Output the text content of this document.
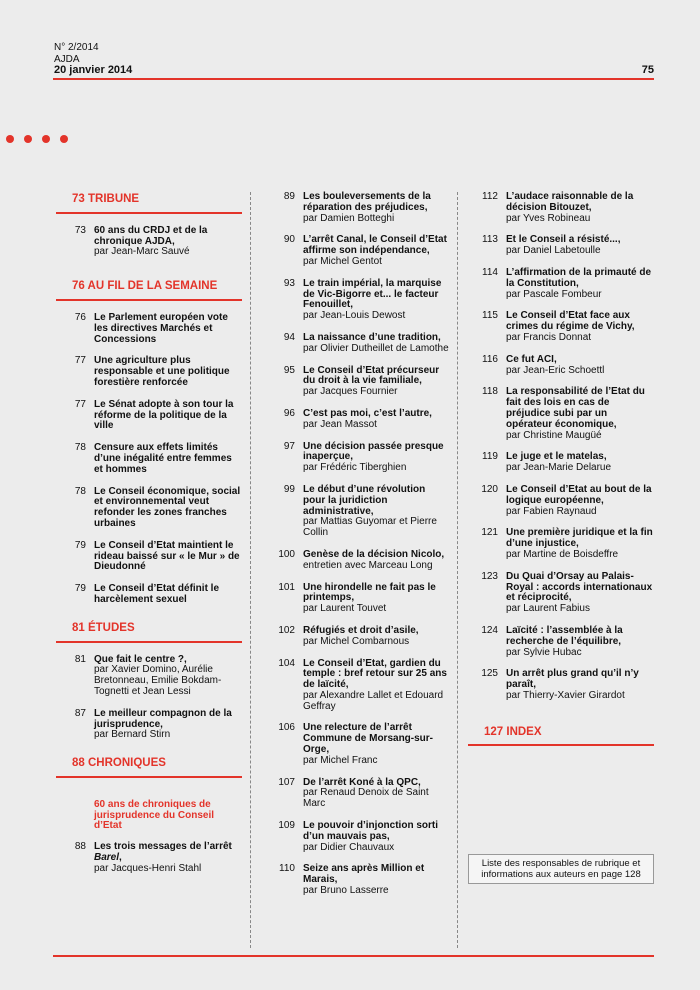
N° 2/2014
AJDA
20 janvier 2014	75
73 TRIBUNE
73 60 ans du CRDJ et de la chronique AJDA,
par Jean-Marc Sauvé
76 AU FIL DE LA SEMAINE
76 Le Parlement européen vote les directives Marchés et Concessions
77 Une agriculture plus responsable et une politique forestière renforcée
77 Le Sénat adopte à son tour la réforme de la politique de la ville
78 Censure aux effets limités d’une inégalité entre femmes et hommes
78 Le Conseil économique, social et environnemental veut refonder les zones franches urbaines
79 Le Conseil d’Etat maintient le rideau baissé sur « le Mur » de Dieudonné
79 Le Conseil d’Etat définit le harcèlement sexuel
81 ÉTUDES
81 Que fait le centre ?,
par Xavier Domino, Aurélie Bretonneau, Emilie Bokdam-Tognetti et Jean Lessi
87 Le meilleur compagnon de la jurisprudence,
par Bernard Stirn
88 CHRONIQUES
60 ans de chroniques de jurisprudence du Conseil d’Etat
88 Les trois messages de l’arrêt Barel,
par Jacques-Henri Stahl
89 Les bouleversements de la réparation des préjudices,
par Damien Botteghi
90 L’arrêt Canal, le Conseil d’Etat affirme son indépendance,
par Michel Gentot
93 Le train impérial, la marquise de Vic-Bigorre et... le facteur Fenouillet,
par Jean-Louis Dewost
94 La naissance d’une tradition,
par Olivier Dutheillet de Lamothe
95 Le Conseil d’Etat précurseur du droit à la vie familiale,
par Jacques Fournier
96 C’est pas moi, c’est l’autre,
par Jean Massot
97 Une décision passée presque inaperçue,
par Frédéric Tiberghien
99 Le début d’une révolution pour la juridiction administrative,
par Mattias Guyomar et Pierre Collin
100 Genèse de la décision Nicolo,
entretien avec Marceau Long
101 Une hirondelle ne fait pas le printemps,
par Laurent Touvet
102 Réfugiés et droit d’asile,
par Michel Combarnous
104 Le Conseil d’Etat, gardien du temple : bref retour sur 25 ans de laïcité,
par Alexandre Lallet et Edouard Geffray
106 Une relecture de l’arrêt Commune de Morsang-sur-Orge,
par Michel Franc
107 De l’arrêt Koné à la QPC,
par Renaud Denoix de Saint Marc
109 Le pouvoir d’injonction sorti d’un mauvais pas,
par Didier Chauvaux
110 Seize ans après Million et Marais,
par Bruno Lasserre
112 L’audace raisonnable de la décision Bitouzet,
par Yves Robineau
113 Et le Conseil a résisté...,
par Daniel Labetoulle
114 L’affirmation de la primauté de la Constitution,
par Pascale Fombeur
115 Le Conseil d’Etat face aux crimes du régime de Vichy,
par Francis Donnat
116 Ce fut ACI,
par Jean-Eric Schoettl
118 La responsabilité de l’Etat du fait des lois en cas de préjudice subi par un opérateur économique,
par Christine Maugüé
119 Le juge et le matelas,
par Jean-Marie Delarue
120 Le Conseil d’Etat au bout de la logique européenne,
par Fabien Raynaud
121 Une première juridique et la fin d’une injustice,
par Martine de Boisdeffre
123 Du Quai d’Orsay au Palais-Royal : accords internationaux et réciprocité,
par Laurent Fabius
124 Laïcité : l’assemblée à la recherche de l’équilibre,
par Sylvie Hubac
125 Un arrêt plus grand qu’il n’y paraît,
par Thierry-Xavier Girardot
127 INDEX
Liste des responsables de rubrique et informations aux auteurs en page 128
